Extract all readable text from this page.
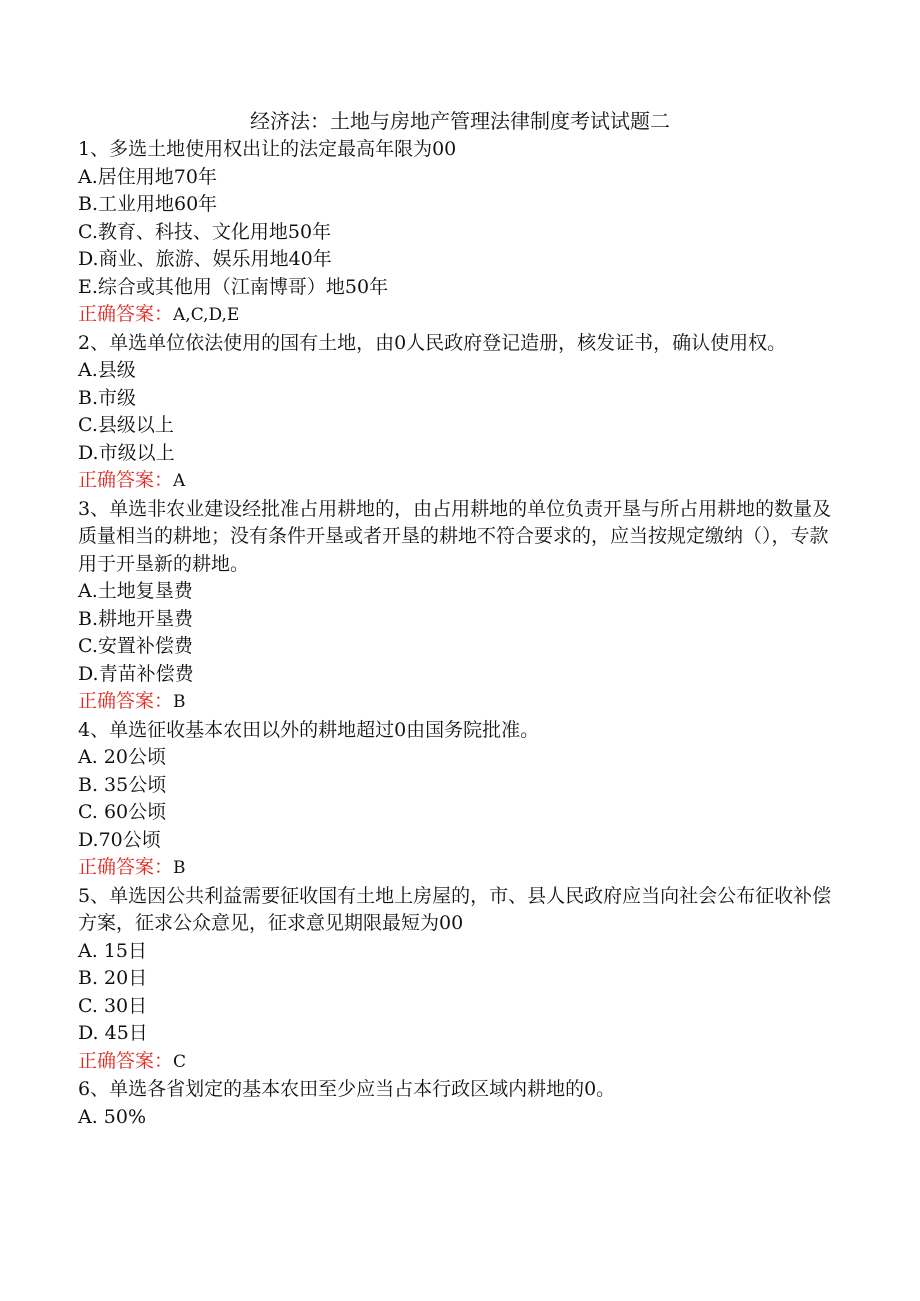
经济法：土地与房地产管理法律制度考试试题二
1、多选土地使用权出让的法定最高年限为00
A.居住用地70年
B.工业用地60年
C.教育、科技、文化用地50年
D.商业、旅游、娱乐用地40年
E.综合或其他用（江南博哥）地50年
正确答案：A,C,D,E
2、单选单位依法使用的国有土地，由0人民政府登记造册，核发证书，确认使用权。
A.县级
B.市级
C.县级以上
D.市级以上
正确答案：A
3、单选非农业建设经批准占用耕地的，由占用耕地的单位负责开垦与所占用耕地的数量及质量相当的耕地；没有条件开垦或者开垦的耕地不符合要求的，应当按规定缴纳（），专款用于开垦新的耕地。
A.土地复垦费
B.耕地开垦费
C.安置补偿费
D.青苗补偿费
正确答案：B
4、单选征收基本农田以外的耕地超过0由国务院批准。
A. 20公顷
B. 35公顷
C. 60公顷
D.70公顷
正确答案：B
5、单选因公共利益需要征收国有土地上房屋的，市、县人民政府应当向社会公布征收补偿方案，征求公众意见，征求意见期限最短为00
A. 15日
B. 20日
C. 30日
D. 45日
正确答案：C
6、单选各省划定的基本农田至少应当占本行政区域内耕地的0。
A. 50%
